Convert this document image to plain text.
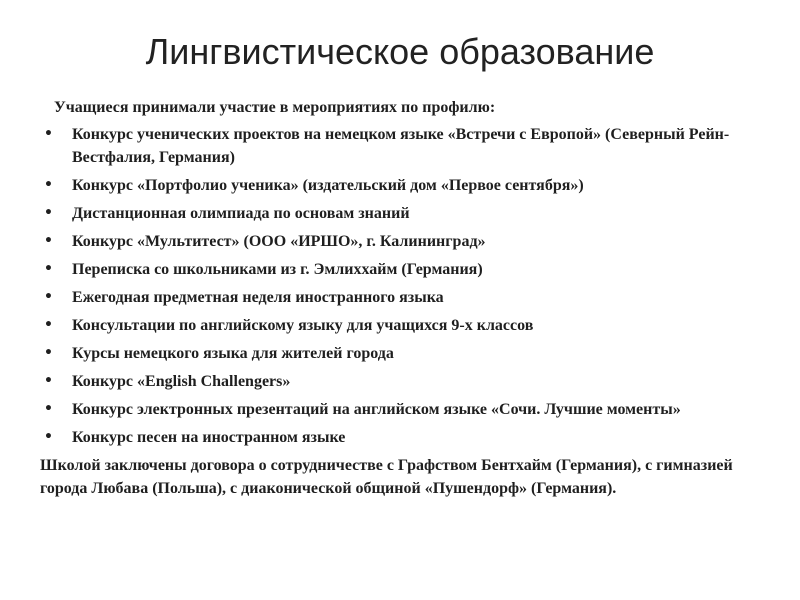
Лингвистическое образование
Учащиеся принимали участие в мероприятиях по профилю:
• Конкурс ученических проектов на немецком языке «Встречи с Европой» (Северный Рейн-Вестфалия, Германия)
• Конкурс «Портфолио ученика» (издательский дом «Первое сентября»)
• Дистанционная олимпиада по основам знаний
• Конкурс «Мультитест» (ООО «ИРШО», г. Калининград»
• Переписка со школьниками из г. Эмлиххайм (Германия)
• Ежегодная предметная неделя иностранного языка
• Консультации по английскому языку для учащихся 9-х классов
• Курсы немецкого языка для жителей города
• Конкурс «English Challengers»
• Конкурс электронных презентаций на английском языке «Сочи. Лучшие моменты»
• Конкурс песен на иностранном языке
Школой заключены договора о сотрудничестве с Графством Бентхайм (Германия), с гимназией города Любава (Польша), с диаконической общиной «Пушендорф» (Германия).
